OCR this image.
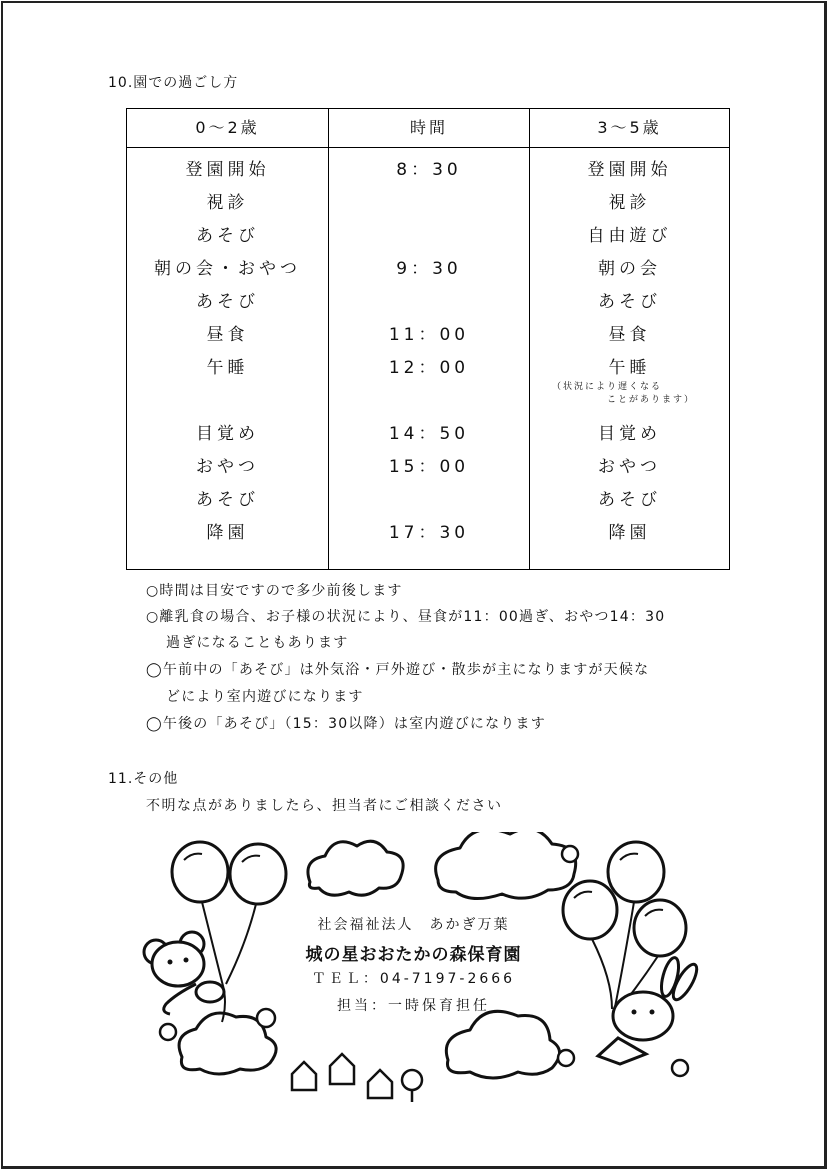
10.園での過ごし方
0～2歳	時間	3～5歳
登園開始
視診
あそび
朝の会・おやつ
あそび
昼食
午睡
目覚め
おやつ
あそび
降園
8：30
9：30
11：00
12：00
14：50
15：00
17：30
登園開始
視診
自由遊び
朝の会
あそび
昼食
午睡
（状況により遅くなる
ことがあります）
目覚め
おやつ
あそび
降園
○時間は目安ですので多少前後します
○離乳食の場合、お子様の状況により、昼食が11：00過ぎ、おやつ14：30
過ぎになることもあります
◯午前中の「あそび」は外気浴・戸外遊び・散歩が主になりますが天候な
どにより室内遊びになります
◯午後の「あそび」（15：30以降）は室内遊びになります
11.その他
不明な点がありましたら、担当者にご相談ください
社会福祉法人　あかぎ万葉
城の星おおたかの森保育園
ＴＥＬ：04-7197-2666
担当：一時保育担任
